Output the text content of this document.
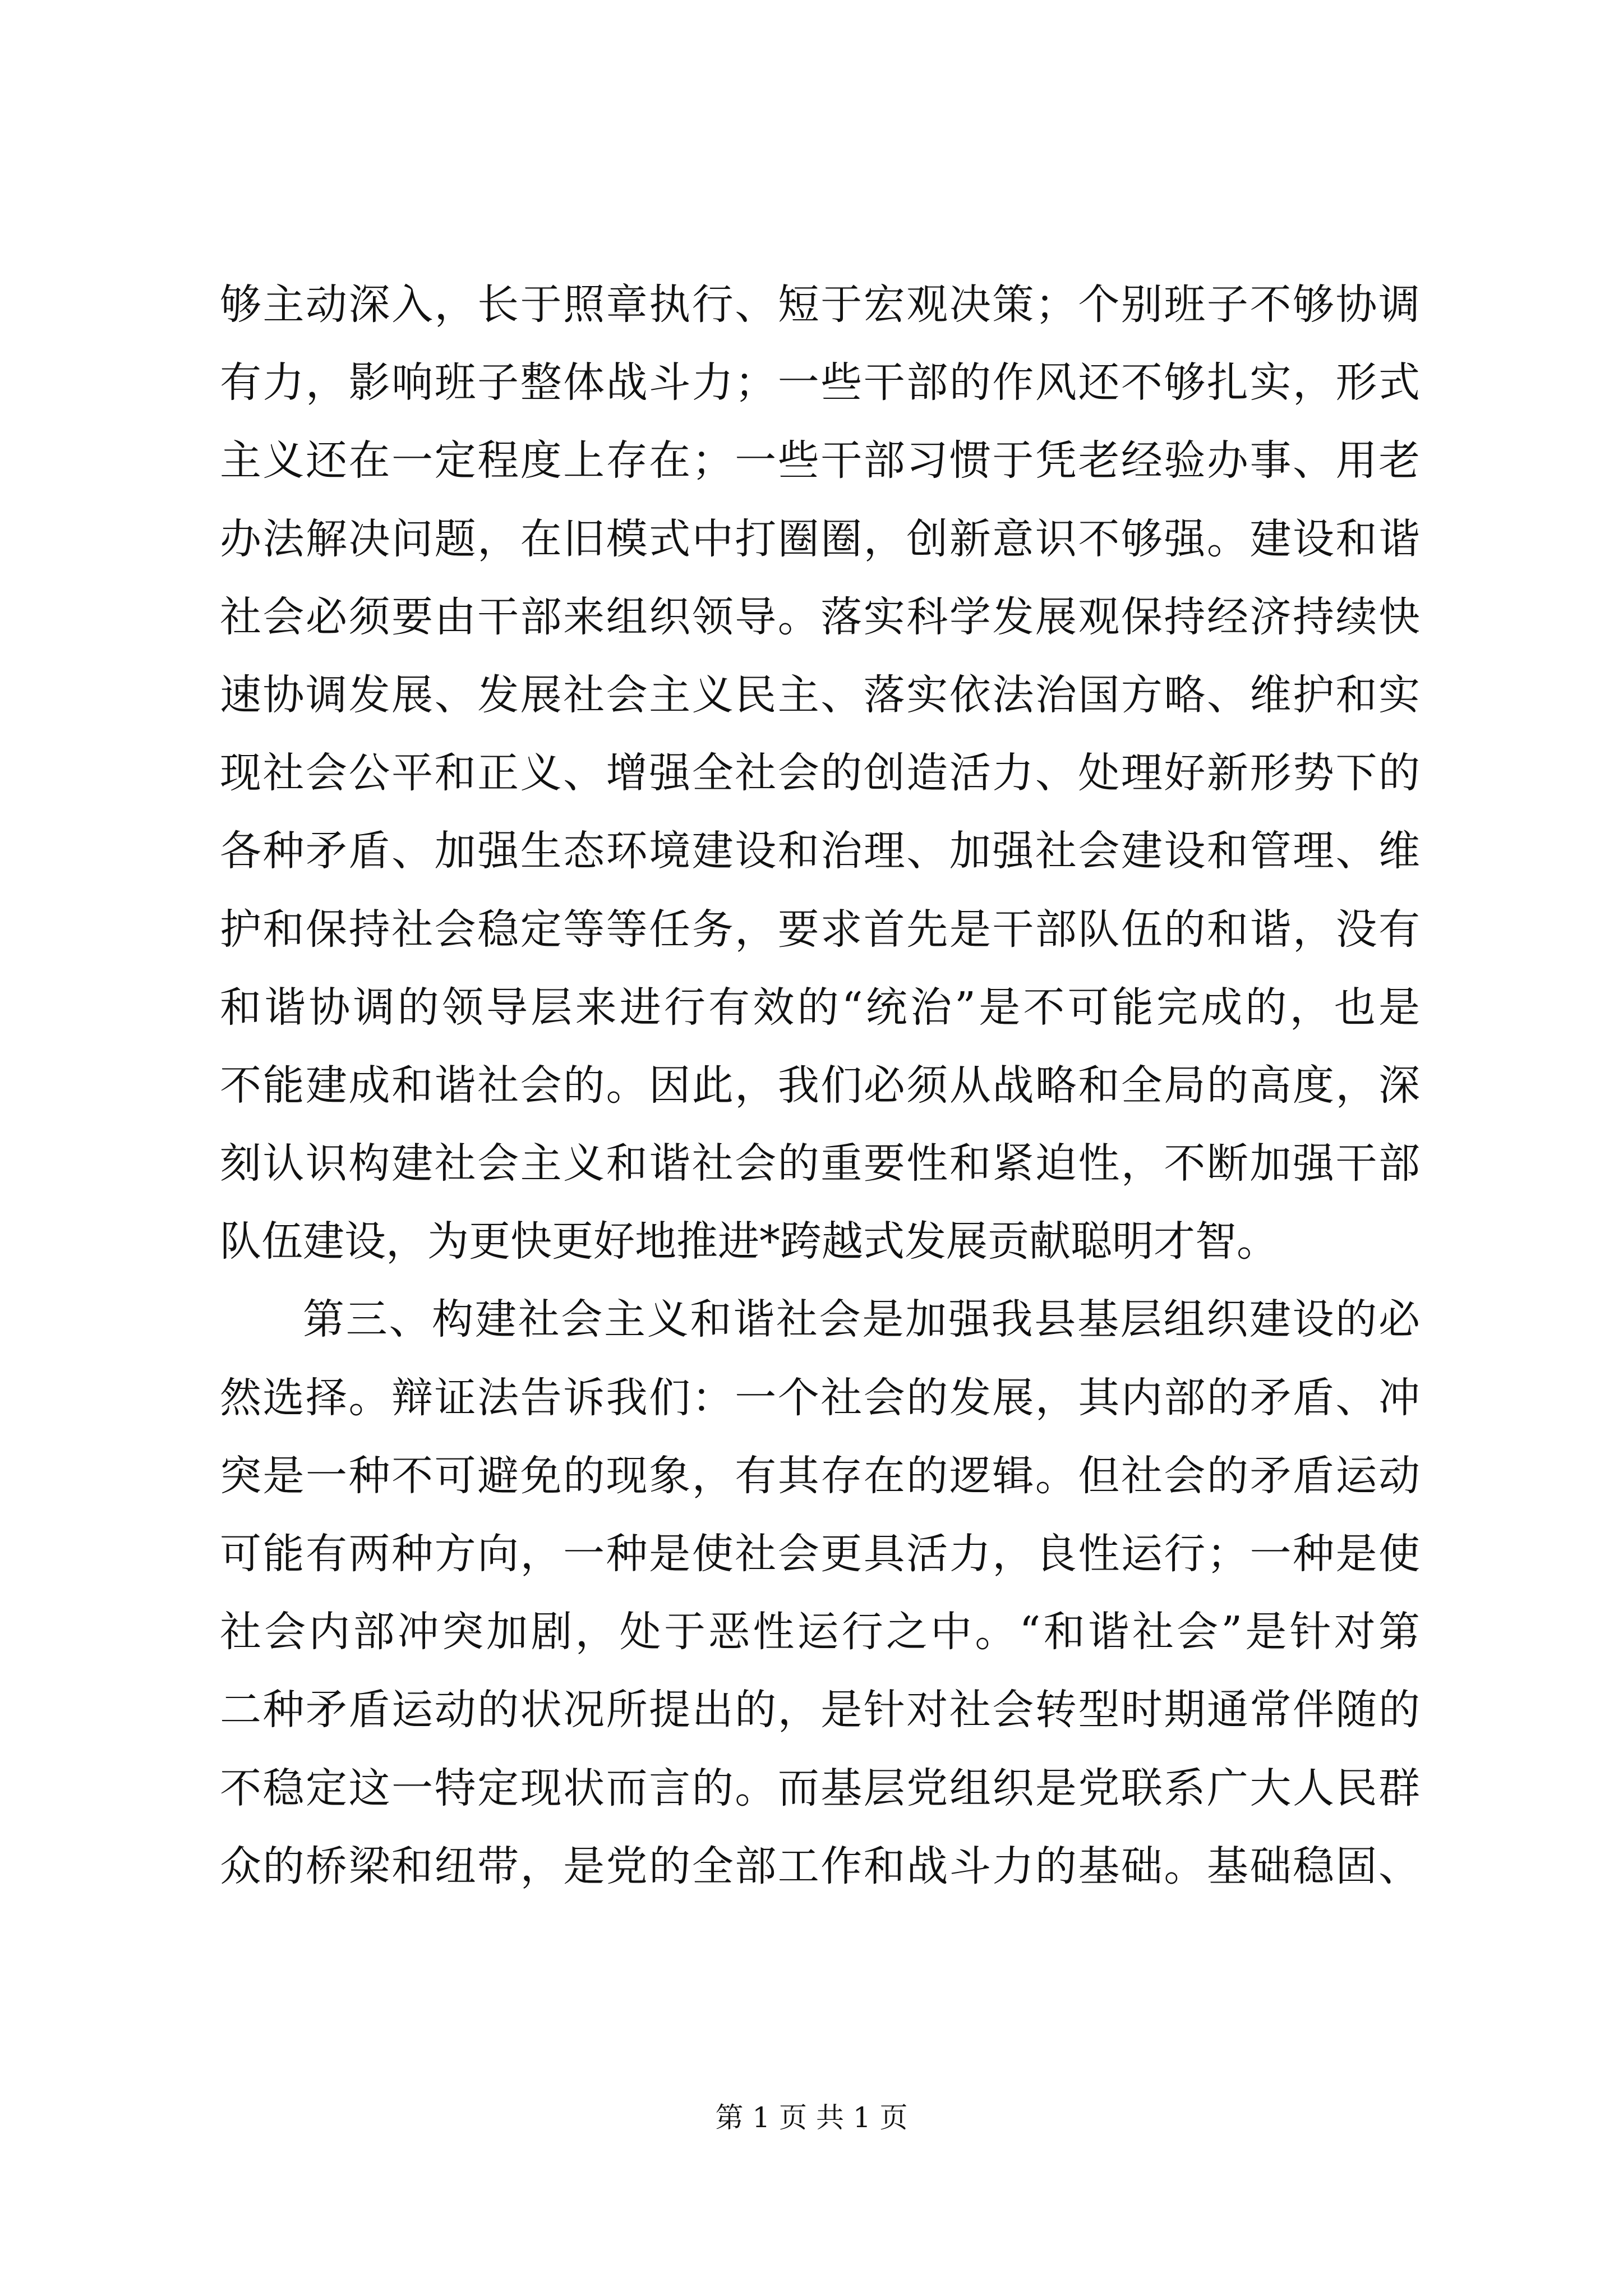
够主动深入，长于照章执行、短于宏观决策；个别班子不够协调
有力，影响班子整体战斗力；一些干部的作风还不够扎实，形式
主义还在一定程度上存在；一些干部习惯于凭老经验办事、用老
办法解决问题，在旧模式中打圈圈，创新意识不够强。建设和谐
社会必须要由干部来组织领导。落实科学发展观保持经济持续快
速协调发展、发展社会主义民主、落实依法治国方略、维护和实
现社会公平和正义、增强全社会的创造活力、处理好新形势下的
各种矛盾、加强生态环境建设和治理、加强社会建设和管理、维
护和保持社会稳定等等任务，要求首先是干部队伍的和谐，没有
和谐协调的领导层来进行有效的“统治”是不可能完成的，也是
不能建成和谐社会的。因此，我们必须从战略和全局的高度，深
刻认识构建社会主义和谐社会的重要性和紧迫性，不断加强干部
队伍建设，为更快更好地推进*跨越式发展贡献聪明才智。
第三、构建社会主义和谐社会是加强我县基层组织建设的必
然选择。辩证法告诉我们：一个社会的发展，其内部的矛盾、冲
突是一种不可避免的现象，有其存在的逻辑。但社会的矛盾运动
可能有两种方向，一种是使社会更具活力，良性运行；一种是使
社会内部冲突加剧，处于恶性运行之中。“和谐社会”是针对第
二种矛盾运动的状况所提出的，是针对社会转型时期通常伴随的
不稳定这一特定现状而言的。而基层党组织是党联系广大人民群
众的桥梁和纽带，是党的全部工作和战斗力的基础。基础稳固、
第 1 页 共 1 页
